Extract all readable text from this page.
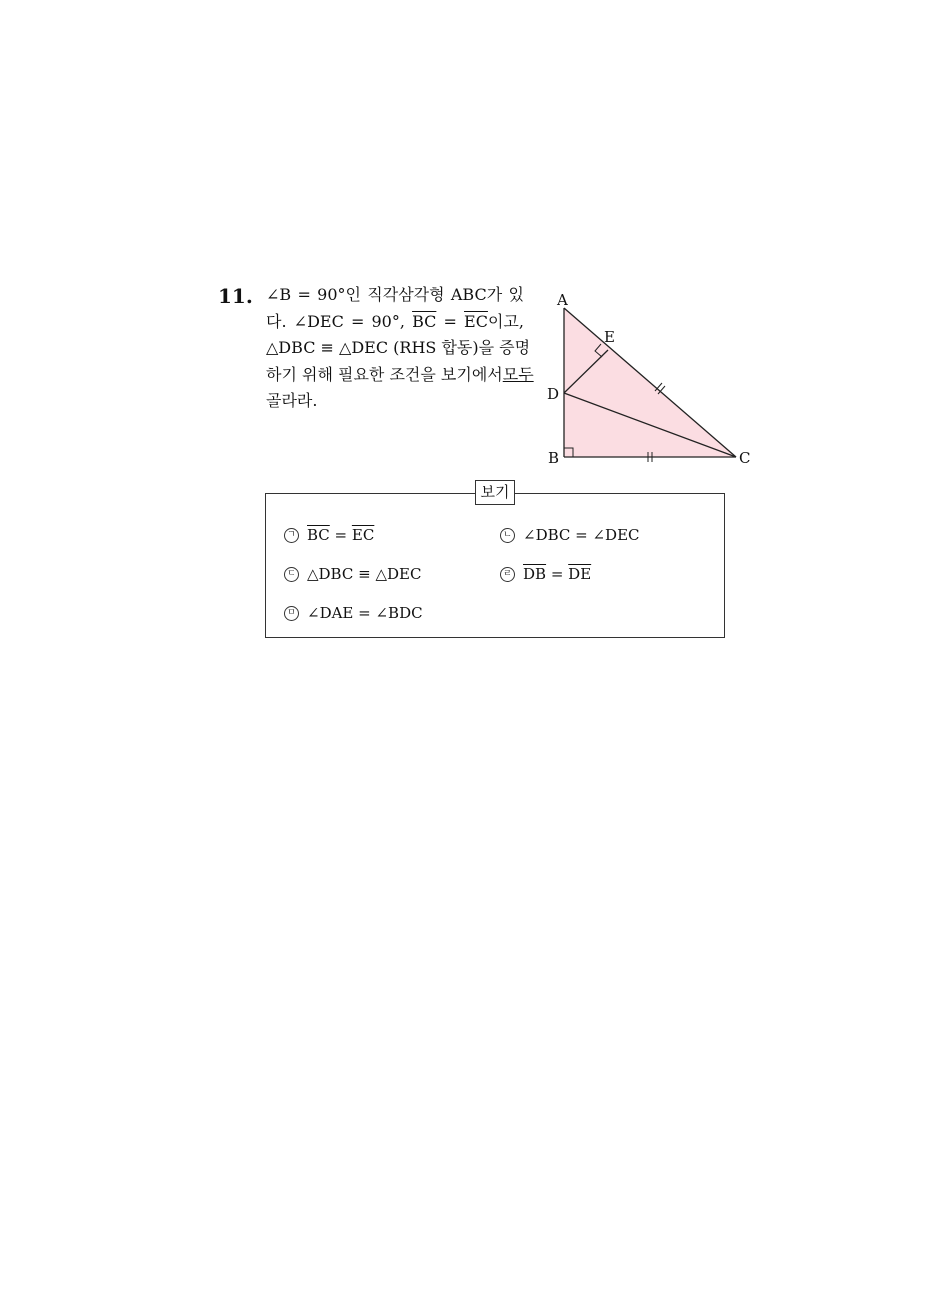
11. ∠B = 90°인 직각삼각형 ABC가 있
다. ∠DEC = 90°, $\overline{BC} = \overline{EC}$이고,
△DBC ≡ △DEC (RHS 합동)을 증명
하기 위해 필요한 조건을 보기에서 모두
골라라.
A
E
D
B	C
보기
ㄱ $\overline{BC} = \overline{EC}$	ㄴ ∠DBC = ∠DEC
ㄷ △DBC ≡ △DEC	ㄹ $\overline{DB} = \overline{DE}$
ㅁ ∠DAE = ∠BDC
